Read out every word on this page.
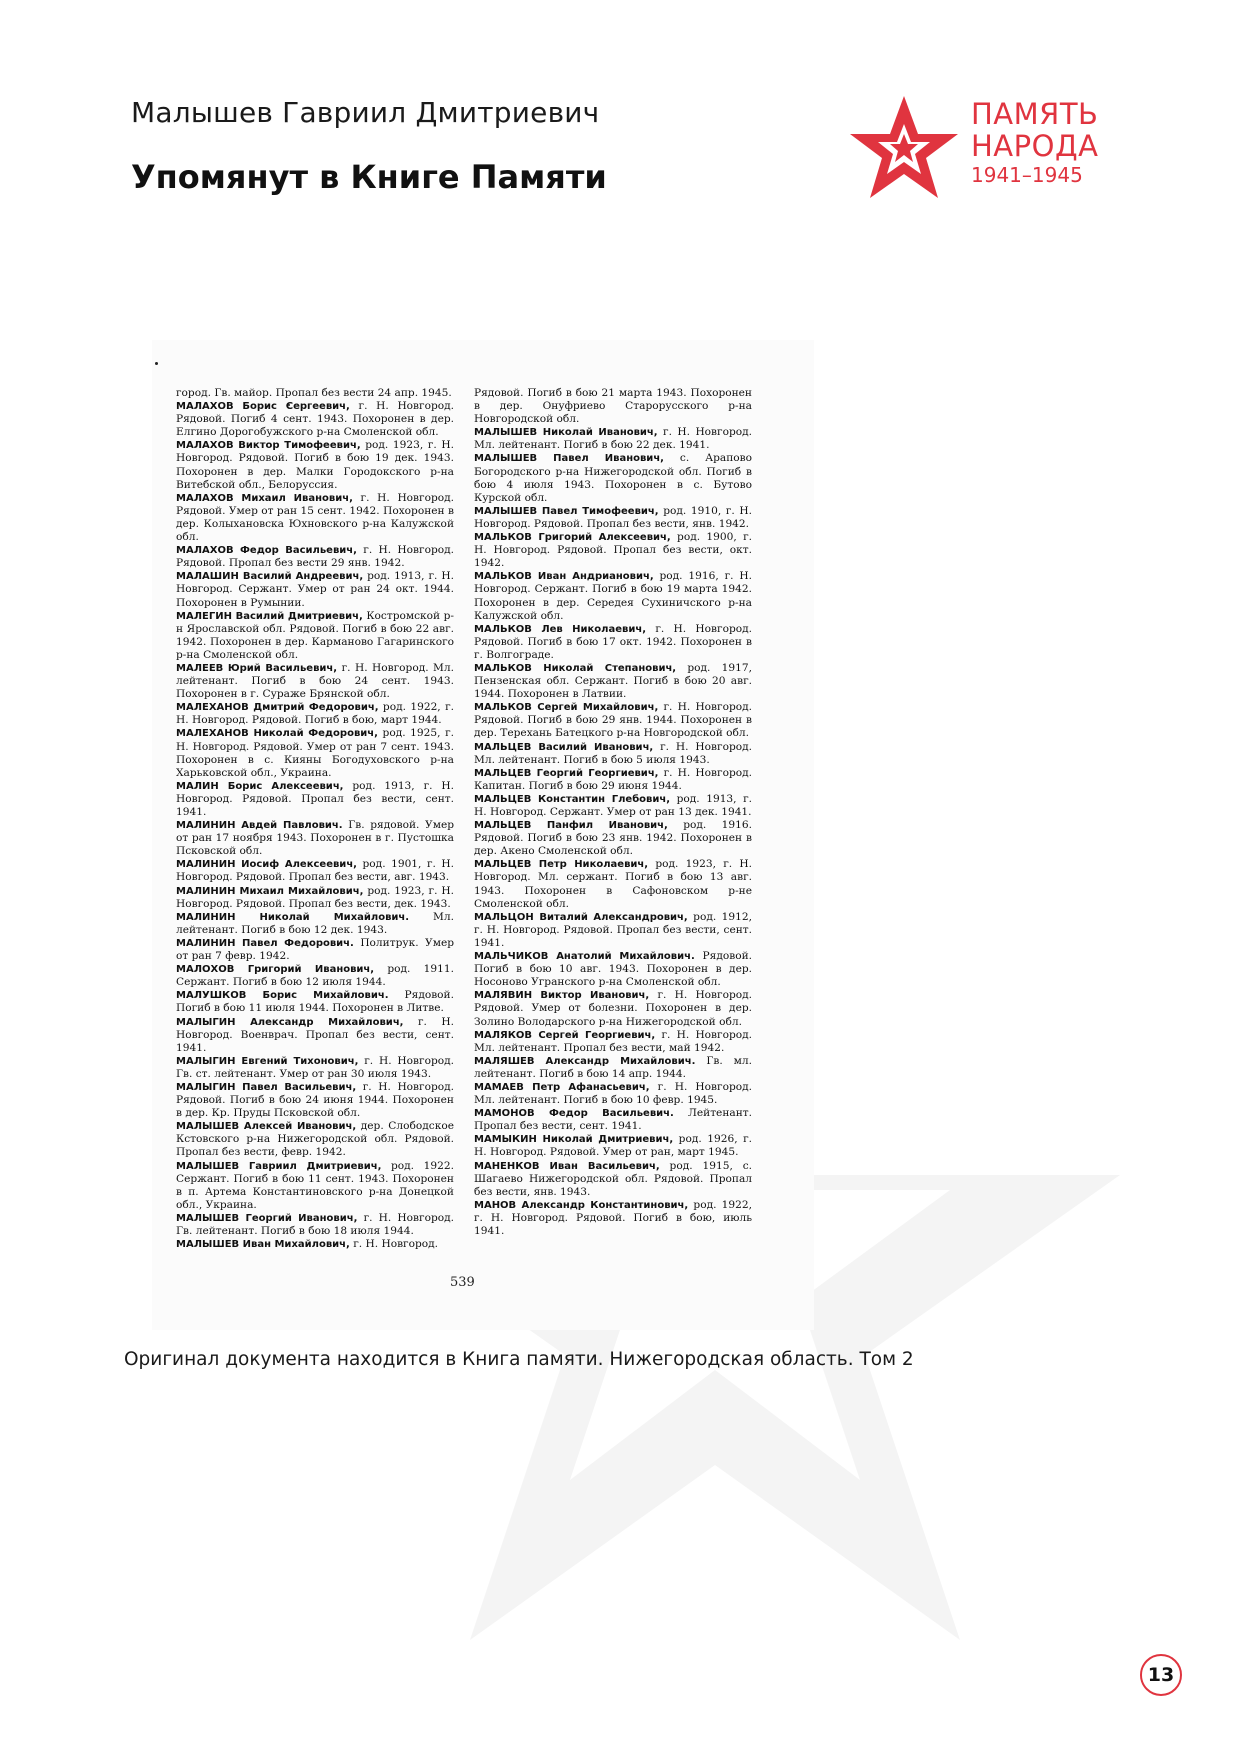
Малышев Гавриил Дмитриевич
Упомянут в Книге Памяти
ПАМЯТЬ
НАРОДА
1941–1945

город. Гв. майор. Пропал без вести 24 апр. 1945.

МАЛАХОВ Борис Сергеевич, г. Н. Новгород. Рядовой. Погиб 4 сент. 1943. Похоронен в дер. Елгино Дорогобужского р-на Смоленской обл.

МАЛАХОВ Виктор Тимофеевич, род. 1923, г. Н. Новгород. Рядовой. Погиб в бою 19 дек. 1943. Похоронен в дер. Малки Городокского р-на Витебской обл., Белоруссия.

МАЛАХОВ Михаил Иванович, г. Н. Новгород. Рядовой. Умер от ран 15 сент. 1942. Похоронен в дер. Колыхановска Юхновского р-на Калужской обл.

МАЛАХОВ Федор Васильевич, г. Н. Новгород. Рядовой. Пропал без вести 29 янв. 1942.

МАЛАШИН Василий Андреевич, род. 1913, г. Н. Новгород. Сержант. Умер от ран 24 окт. 1944. Похоронен в Румынии.

МАЛЕГИН Василий Дмитриевич, Костромской р-н Ярославской обл. Рядовой. Погиб в бою 22 авг. 1942. Похоронен в дер. Карманово Гагаринского р-на Смоленской обл.

МАЛЕЕВ Юрий Васильевич, г. Н. Новгород. Мл. лейтенант. Погиб в бою 24 сент. 1943. Похоронен в г. Сураже Брянской обл.

МАЛЕХАНОВ Дмитрий Федорович, род. 1922, г. Н. Новгород. Рядовой. Погиб в бою, март 1944.

МАЛЕХАНОВ Николай Федорович, род. 1925, г. Н. Новгород. Рядовой. Умер от ран 7 сент. 1943. Похоронен в с. Кияны Богодуховского р-на Харьковской обл., Украина.

МАЛИН Борис Алексеевич, род. 1913, г. Н. Новгород. Рядовой. Пропал без вести, сент. 1941.

МАЛИНИН Авдей Павлович. Гв. рядовой. Умер от ран 17 ноября 1943. Похоронен в г. Пустошка Псковской обл.

МАЛИНИН Иосиф Алексеевич, род. 1901, г. Н. Новгород. Рядовой. Пропал без вести, авг. 1943.

МАЛИНИН Михаил Михайлович, род. 1923, г. Н. Новгород. Рядовой. Пропал без вести, дек. 1943.

МАЛИНИН Николай Михайлович. Мл. лейтенант. Погиб в бою 12 дек. 1943.

МАЛИНИН Павел Федорович. Политрук. Умер от ран 7 февр. 1942.

МАЛОХОВ Григорий Иванович, род. 1911. Сержант. Погиб в бою 12 июля 1944.

МАЛУШКОВ Борис Михайлович. Рядовой. Погиб в бою 11 июля 1944. Похоронен в Литве.

МАЛЫГИН Александр Михайлович, г. Н. Новгород. Военврач. Пропал без вести, сент. 1941.

МАЛЫГИН Евгений Тихонович, г. Н. Новгород. Гв. ст. лейтенант. Умер от ран 30 июля 1943.

МАЛЫГИН Павел Васильевич, г. Н. Новгород. Рядовой. Погиб в бою 24 июня 1944. Похоронен в дер. Кр. Пруды Псковской обл.

МАЛЫШЕВ Алексей Иванович, дер. Слободское Кстовского р-на Нижегородской обл. Рядовой. Пропал без вести, февр. 1942.

МАЛЫШЕВ Гавриил Дмитриевич, род. 1922. Сержант. Погиб в бою 11 сент. 1943. Похоронен в п. Артема Константиновского р-на Донецкой обл., Украина.

МАЛЫШЕВ Георгий Иванович, г. Н. Новгород. Гв. лейтенант. Погиб в бою 18 июля 1944.

МАЛЫШЕВ Иван Михайлович, г. Н. Новгород.

Рядовой. Погиб в бою 21 марта 1943. Похоронен в дер. Онуфриево Старорусского р-на Новгородской обл.

МАЛЫШЕВ Николай Иванович, г. Н. Новгород. Мл. лейтенант. Погиб в бою 22 дек. 1941.

МАЛЫШЕВ Павел Иванович, с. Арапово Богородского р-на Нижегородской обл. Погиб в бою 4 июля 1943. Похоронен в с. Бутово Курской обл.

МАЛЫШЕВ Павел Тимофеевич, род. 1910, г. Н. Новгород. Рядовой. Пропал без вести, янв. 1942.

МАЛЬКОВ Григорий Алексеевич, род. 1900, г. Н. Новгород. Рядовой. Пропал без вести, окт. 1942.

МАЛЬКОВ Иван Андрианович, род. 1916, г. Н. Новгород. Сержант. Погиб в бою 19 марта 1942. Похоронен в дер. Середея Сухиничского р-на Калужской обл.

МАЛЬКОВ Лев Николаевич, г. Н. Новгород. Рядовой. Погиб в бою 17 окт. 1942. Похоронен в г. Волгограде.

МАЛЬКОВ Николай Степанович, род. 1917, Пензенская обл. Сержант. Погиб в бою 20 авг. 1944. Похоронен в Латвии.

МАЛЬКОВ Сергей Михайлович, г. Н. Новгород. Рядовой. Погиб в бою 29 янв. 1944. Похоронен в дер. Терехань Батецкого р-на Новгородской обл.

МАЛЬЦЕВ Василий Иванович, г. Н. Новгород. Мл. лейтенант. Погиб в бою 5 июля 1943.

МАЛЬЦЕВ Георгий Георгиевич, г. Н. Новгород. Капитан. Погиб в бою 29 июня 1944.

МАЛЬЦЕВ Константин Глебович, род. 1913, г. Н. Новгород. Сержант. Умер от ран 13 дек. 1941.

МАЛЬЦЕВ Панфил Иванович, род. 1916. Рядовой. Погиб в бою 23 янв. 1942. Похоронен в дер. Акено Смоленской обл.

МАЛЬЦЕВ Петр Николаевич, род. 1923, г. Н. Новгород. Мл. сержант. Погиб в бою 13 авг. 1943. Похоронен в Сафоновском р-не Смоленской обл.

МАЛЬЦОН Виталий Александрович, род. 1912, г. Н. Новгород. Рядовой. Пропал без вести, сент. 1941.

МАЛЬЧИКОВ Анатолий Михайлович. Рядовой. Погиб в бою 10 авг. 1943. Похоронен в дер. Носоново Угранского р-на Смоленской обл.

МАЛЯВИН Виктор Иванович, г. Н. Новгород. Рядовой. Умер от болезни. Похоронен в дер. Золино Володарского р-на Нижегородской обл.

МАЛЯКОВ Сергей Георгиевич, г. Н. Новгород. Мл. лейтенант. Пропал без вести, май 1942.

МАЛЯШЕВ Александр Михайлович. Гв. мл. лейтенант. Погиб в бою 14 апр. 1944.

МАМАЕВ Петр Афанасьевич, г. Н. Новгород. Мл. лейтенант. Погиб в бою 10 февр. 1945.

МАМОНОВ Федор Васильевич. Лейтенант. Пропал без вести, сент. 1941.

МАМЫКИН Николай Дмитриевич, род. 1926, г. Н. Новгород. Рядовой. Умер от ран, март 1945.

МАНЕНКОВ Иван Васильевич, род. 1915, с. Шагаево Нижегородской обл. Рядовой. Пропал без вести, янв. 1943.

МАНОВ Александр Константинович, род. 1922, г. Н. Новгород. Рядовой. Погиб в бою, июль 1941.

539
Оригинал документа находится в Книга памяти. Нижегородская область. Том 2
13
